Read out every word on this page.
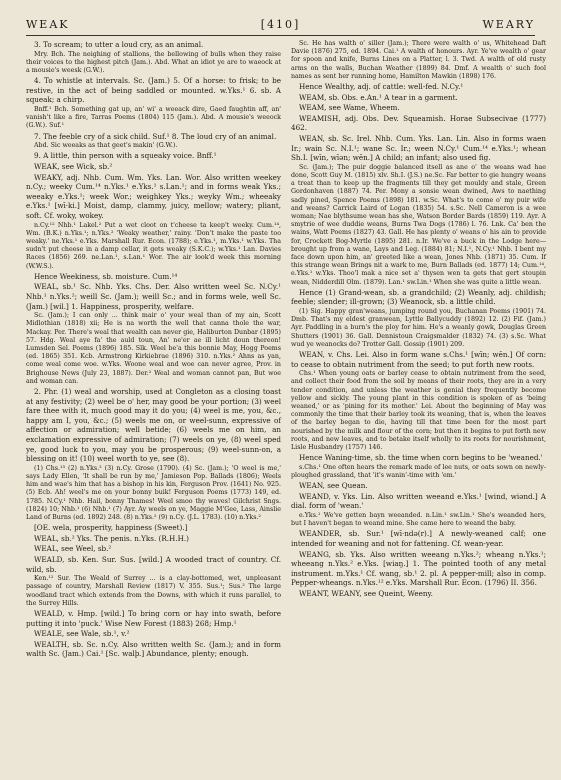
WEAK	[410]	WEARY

3. To scream; to utter a loud cry, as an animal.

Mry. Bch. The neighing of stallions, the bellowing of bulls when they raise their voices to the highest pitch (Jam.). Abd. What an idiot ye are to waeock at a mousie's weesk (G.W.).

4. To whistle at intervals. Sc. (Jam.) 5. Of a horse: to frisk; to be restive, in the act of being saddled or mounted. w.Yks.¹ 6. sb. A squeak; a chirp.

Bnff.¹ Bch. Something gat up, an' wi' a weeack dire, Gaed faughtin aff, an' vanish't like a fire, Tarras Poems (1804) 115 (Jam.). Abd. A mousie's weeock (G.W.). Suf.¹

7. The feeble cry of a sick child. Suf.¹ 8. The loud cry of an animal.

Abd. Sic weeaks as that geet's makin' (G.W.).

9. A little, thin person with a squeaky voice. Bnff.¹

WEAK, see Wick, sb.²

WEAKY, adj. Nhb. Cum. Wm. Yks. Lan. Wor. Also written weekey n.Cy.; weeky Cum.¹⁴ n.Yks.¹ e.Yks.¹ s.Lan.¹; and in forms weak Yks.; weeaky e.Yks.¹; week Wor.; weighkey Yks.; weyky Wm.; wheeaky e.Yks.¹ [wī·ki.] Moist, damp, clammy, juicy, mellow; watery; pliant, soft. Cf. woky, wokey.

n.Cy.¹² Nhb.¹ Lakel.² Put a wet cloot on t'cheese ta keep't weeky. Cum.¹⁴, Wm. (B.K.) n.Yks.¹; n.Yks.² 'Weaky weather,' rainy. 'Don't make the paste too weaky.' ne.Yks.¹ e.Yks. Marshall Rur. Econ. (1788); e.Yks.¹, m.Yks.¹ w.Yks. Tha sudn't put cheese in a damp cellar, it gets weaky (S.K.C.); w.Yks.¹ Lan. Davies Races (1856) 269. ne.Lan.¹, s.Lan.¹ Wor. The air look'd week this morning (W.W.S.).

Hence Weekiness, sb. moisture. Cum.¹⁴

WEAL, sb.¹ Sc. Nhb. Yks. Chs. Der. Also written weel Sc. N.Cy.¹ Nhb.¹ n.Yks.²; weill Sc. (Jam.); weill Sc.; and in forms wele, well Sc. (Jam.) [wil.] 1. Happiness, prosperity, welfare.

Sc. (Jam.); I can only ... think mair o' your weal than of my ain, Scott Midlothian (1818) xii; He is na worth the well that canna thole the war, Mackay. Per. There's weal that wealth can never gie, Haliburton Dunbar (1895) 57. Hdg. Weal aye fa' the auld toun, An' ne'er ae ill licht doun thereon! Lumsden Sel. Poems (1896) 185. Slk. Weel be'a this bonnie May, Hogg Poems (ed. 1865) 351. Kcb. Armstrong Kirkiebrae (1896) 310. n.Yks.² Ahns as yan, come weal come woe. w.Yks. Woone weal and woe can never agree, Prov. in Brighouse News (July 23, 1887). Der.² Weal and woman cannot pan, But woe and woman can.

2. Phr. (1) weal and worship, used at Congleton as a closing toast at any festivity; (2) weel be o' her, may good be your portion; (3) weel fare thee with it, much good may it do you; (4) weel is me, you, &c., happy am I, you, &c.; (5) weels me on, or weel-sunn, expressive of affection or admiration; well betide; (6) weels me on him, an exclamation expressive of admiration; (7) weels on ye, (8) weel sped ye, good luck to you, may you be prosperous; (9) weel-sunn-on, a blessing on it! (10) weel worth to ye, see (8).

(1) Chs.¹³ (2) n.Yks.² (3) n.Cy. Grose (1790). (4) Sc. (Jam.); 'O weel is me,' says Lady Ellen, 'It shall be run by me,' Jamieson Pop. Ballads (1806); Weels him and wae's him that has a bishop in his kin, Ferguson Prov. (1641) No. 925. (5) Ecb. Ah! weel's me on your bonny buik! Ferguson Poems (1773) 149, ed. 1785. N.Cy.¹ Nhb. Hail, bonny Thames! Weel smoo thy waves! Gilchrist Sngs. (1824) 10; Nhb.¹ (6) Nhb.¹ (7) Ayr. Ay weels on ye, Maggie M'Gee, Lass, Ainslie Land of Burns (ed. 1892) 248. (8) n.Yks.² (9) n.Cy. (J.L. 1783). (10) n.Yks.²

[OE. wela, prosperity, happiness (Sweet).]

WEAL, sb.² Yks. The penis. n.Yks. (R.H.H.)

WEAL, see Weel, sb.²

WEALD, sb. Ken. Sur. Sus. [wild.] A wooded tract of country. Cf. wild, sb.

Ken.¹² Sur. The Weald of Surrey ... is a clay-bottomed, wet, unpleasant passage of country, Marshall Review (1817) V. 355. Sus.¹; Sus.² The large woodland tract which extends from the Downs, with which it runs parallel, to the Surrey Hills.

WEALD, v. Hmp. [wild.] To bring corn or hay into swath, before putting it into 'puck.' Wise New Forest (1883) 268; Hmp.¹

WEALE, see Wale, sb.¹, v.²

WEALTH, sb. Sc. n.Cy. Also written welth Sc. (Jam.); and in form walth Sc. (Jam.) Cai.¹ [Sc. walþ.] Abundance, plenty; enough.

Sc. He has walth o' siller (Jam.); There were walth o' us, Whitehead Daft Davie (1876) 275, ed. 1894. Cai.¹ A walth of honours. Ayr. Ye've wealth o' gear for spoon and knife, Burns Lines on a Platter, l. 3. Twd. A walth of old rusty arms on the walls, Buchan Weather (1899) 84. Dmf. A wealth o' such fool names as sent her running home, Hamilton Mawkin (1898) 176.

Hence Wealthy, adj. of cattle: well-fed. N.Cy.¹

WEAM, sb. Obs. e.An.¹ A tear in a garment.

WEAM, see Wame, Wheem.

WEAMISH, adj. Obs. Dev. Squeamish. Horae Subsecivae (1777) 462.

WEAN, sb. Sc. Irel. Nhb. Cum. Yks. Lan. Lin. Also in forms waen Ir.; wain Sc. N.I.¹; wane Sc. Ir.; ween N.Cy.¹ Cum.¹⁴ e.Yks.¹; whean Sh.I. [wīn, wīən; wēn.] A child; an infant; also used fig.

Sc. (Jam.); The puir doggie balanced itsell as ane o' the weans wad hae done, Scott Guy M. (1815) xlv. Sh.I. (J.S.) ne.Sc. Far better to gie hungry weans a treat than to keep up the fragments till they get mouldy and stale, Green Gordonhaven (1887) 74. Per. Mony a sonsie wean dwined, Aws to naething sadly pined, Spence Poems (1898) 181. w.Sc. What's to come o' my puir wife and weans? Carrick Laird of Logan (1835) 54. s.Sc. Nell Cameron is a wee woman; Nae blythsume wean has she, Watson Border Bards (1859) 119. Ayr. A smytrie of wee duddie weans, Burns Twa Dogs (1786) l. 76. Lnk. Ca' ben the wains, Watt Poems (1827) 43. Gall. He has plenty o' weans o' his ain to provide for, Crockett Bog-Myrtle (1895) 281. n.Ir. We've a buck in the Lodge here—brought up from a wane, Lays and Leg. (1884) 81; N.I.¹, N.Cy.¹ Nhb. I bent my face down upon him, an' greeted like a wean, Jones Nhb. (1871) 35. Cum. If this strange wean Brings nit a wark to me, Burn Ballads (ed. 1877) 14; Cum.¹⁴, e.Yks.¹ w.Yks. Thoo'l mak a nice set a' thysen wen ta gets that gert stoupin wean, Nidderdill Olm. (1879). Lan.¹ sw.Lin.¹ When she was quite a little wean.

Hence (1) Grand-wean, sb. a grandchild; (2) Weanly, adj. childish; feeble; slender; ill-grown; (3) Weanock, sb. a little child.

(1) Sig. Happy gran'weans, jumping round you, Buchanan Poems (1901) 74. Dmb. That's my eldest granwean, Lyttle Ballycuddy (1892) 12. (2) Fif. (Jam.) Ayr. Paddling in a burn's the ploy for him. He's a weanly gowk, Douglas Green Shutters (1901) 36. Gall. Dennistoun Craigsmalder (1832) 74. (3) s.Sc. What wud ye weanocks do? Trotter Gall. Gossip (1901) 209.

WEAN, v. Chs. Lei. Also in form wane s.Chs.¹ [wīn; wēn.] Of corn: to cease to obtain nutriment from the seed; to put forth new roots.

Chs.¹ When young oats or barley cease to obtain nutriment from the seed, and collect their food from the soil by means of their roots, they are in a very tender condition, and unless the weather is genial they frequently become yellow and sickly. The young plant in this condition is spoken of as 'being weaned,' or as 'pining for its mother.' Lei. About the beginning of May was commonly the time that their barley took its weaning, that is, when the leaves of the barley began to die, having till that time been for the most part nourished by the milk and flour of the corn; but then it begins to put forth new roots, and new leaves, and to betake itself wholly to its roots for nourishment, Lisle Husbandry (1757) 146.

Hence Waning-time, sb. the time when corn begins to be 'weaned.'

s.Chs.¹ One often hears the remark made of lee nuts, or oats sown on newly-ploughed grassland, that 'it's wanin'-time with 'em.'

WEAN, see Quean.

WEAND, v. Yks. Lin. Also written weeand e.Yks.¹ [wind, wiənd.] A dial. form of 'wean.'

e.Yks.¹ We've getten bayn weeanded. n.Lin.¹ sw.Lin.¹ She's weanded hers, but I haven't began to weand mine. She came here to weand the baby.

WEANDER, sb. Sur.¹ [wī·ndə(r).] A newly-weaned calf; one intended for weaning and not for fattening. Cf. wean-year.

WEANG, sb. Yks. Also written weeang n.Yks.²; wheang n.Yks.¹; wheeang n.Yks.² e.Yks. [wiaŋ.] 1. The pointed tooth of any metal instrument. m.Yks.¹ Cf. wang, sb.¹ 2. pl. A pepper-mill; also in comp. Pepper-wheangs. n.Yks.¹² e.Yks. Marshall Rur. Econ. (1796) II. 356.

WEANT, WEANY, see Queint, Weeny.
